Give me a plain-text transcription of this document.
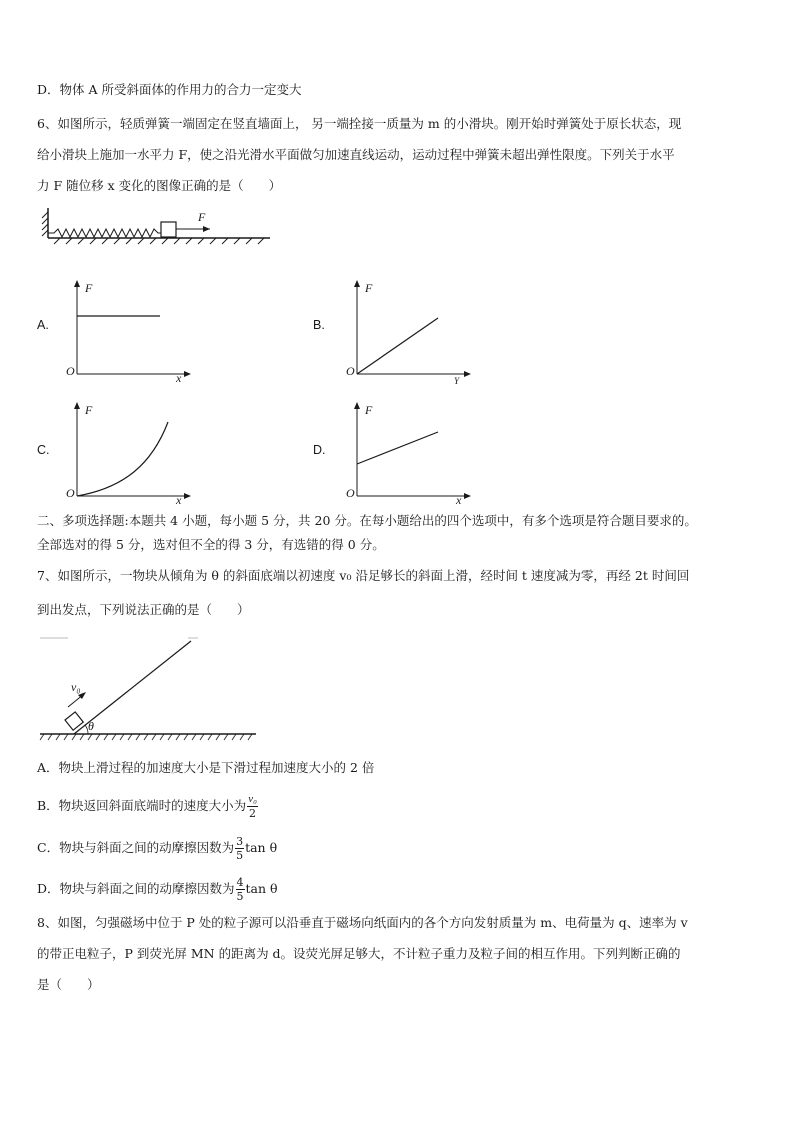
D．物体 A 所受斜面体的作用力的合力一定变大
6、如图所示，轻质弹簧一端固定在竖直墙面上， 另一端拴接一质量为 m 的小滑块。刚开始时弹簧处于原长状态，现
给小滑块上施加一水平力 F，使之沿光滑水平面做匀加速直线运动，运动过程中弹簧未超出弹性限度。下列关于水平
力 F 随位移 x 变化的图像正确的是（　　）
F
A.
F
O	x
B.
F
O
Y
C.
F
O	x
D.
F
O	x
二、多项选择题:本题共 4 小题，每小题 5 分，共 20 分。在每小题给出的四个选项中，有多个选项是符合题目要求的。
全部选对的得 5 分，选对但不全的得 3 分，有选错的得 0 分。
7、如图所示，一物块从倾角为 θ 的斜面底端以初速度 v₀ 沿足够长的斜面上滑，经时间 t 速度减为零，再经 2t 时间回
到出发点，下列说法正确的是（　　）
v₀
θ
A．物块上滑过程的加速度大小是下滑过程加速度大小的 2 倍
B．物块返回斜面底端时的速度大小为 $\frac{\text{v₀}}{2}$
C．物块与斜面之间的动摩擦因数为 $\frac{3}{5}$ tan θ
D．物块与斜面之间的动摩擦因数为 $\frac{4}{5}$ tan θ
8、如图，匀强磁场中位于 P 处的粒子源可以沿垂直于磁场向纸面内的各个方向发射质量为 m、电荷量为 q、速率为 v
的带正电粒子，P 到荧光屏 MN 的距离为 d。设荧光屏足够大，不计粒子重力及粒子间的相互作用。下列判断正确的
是（　　）
